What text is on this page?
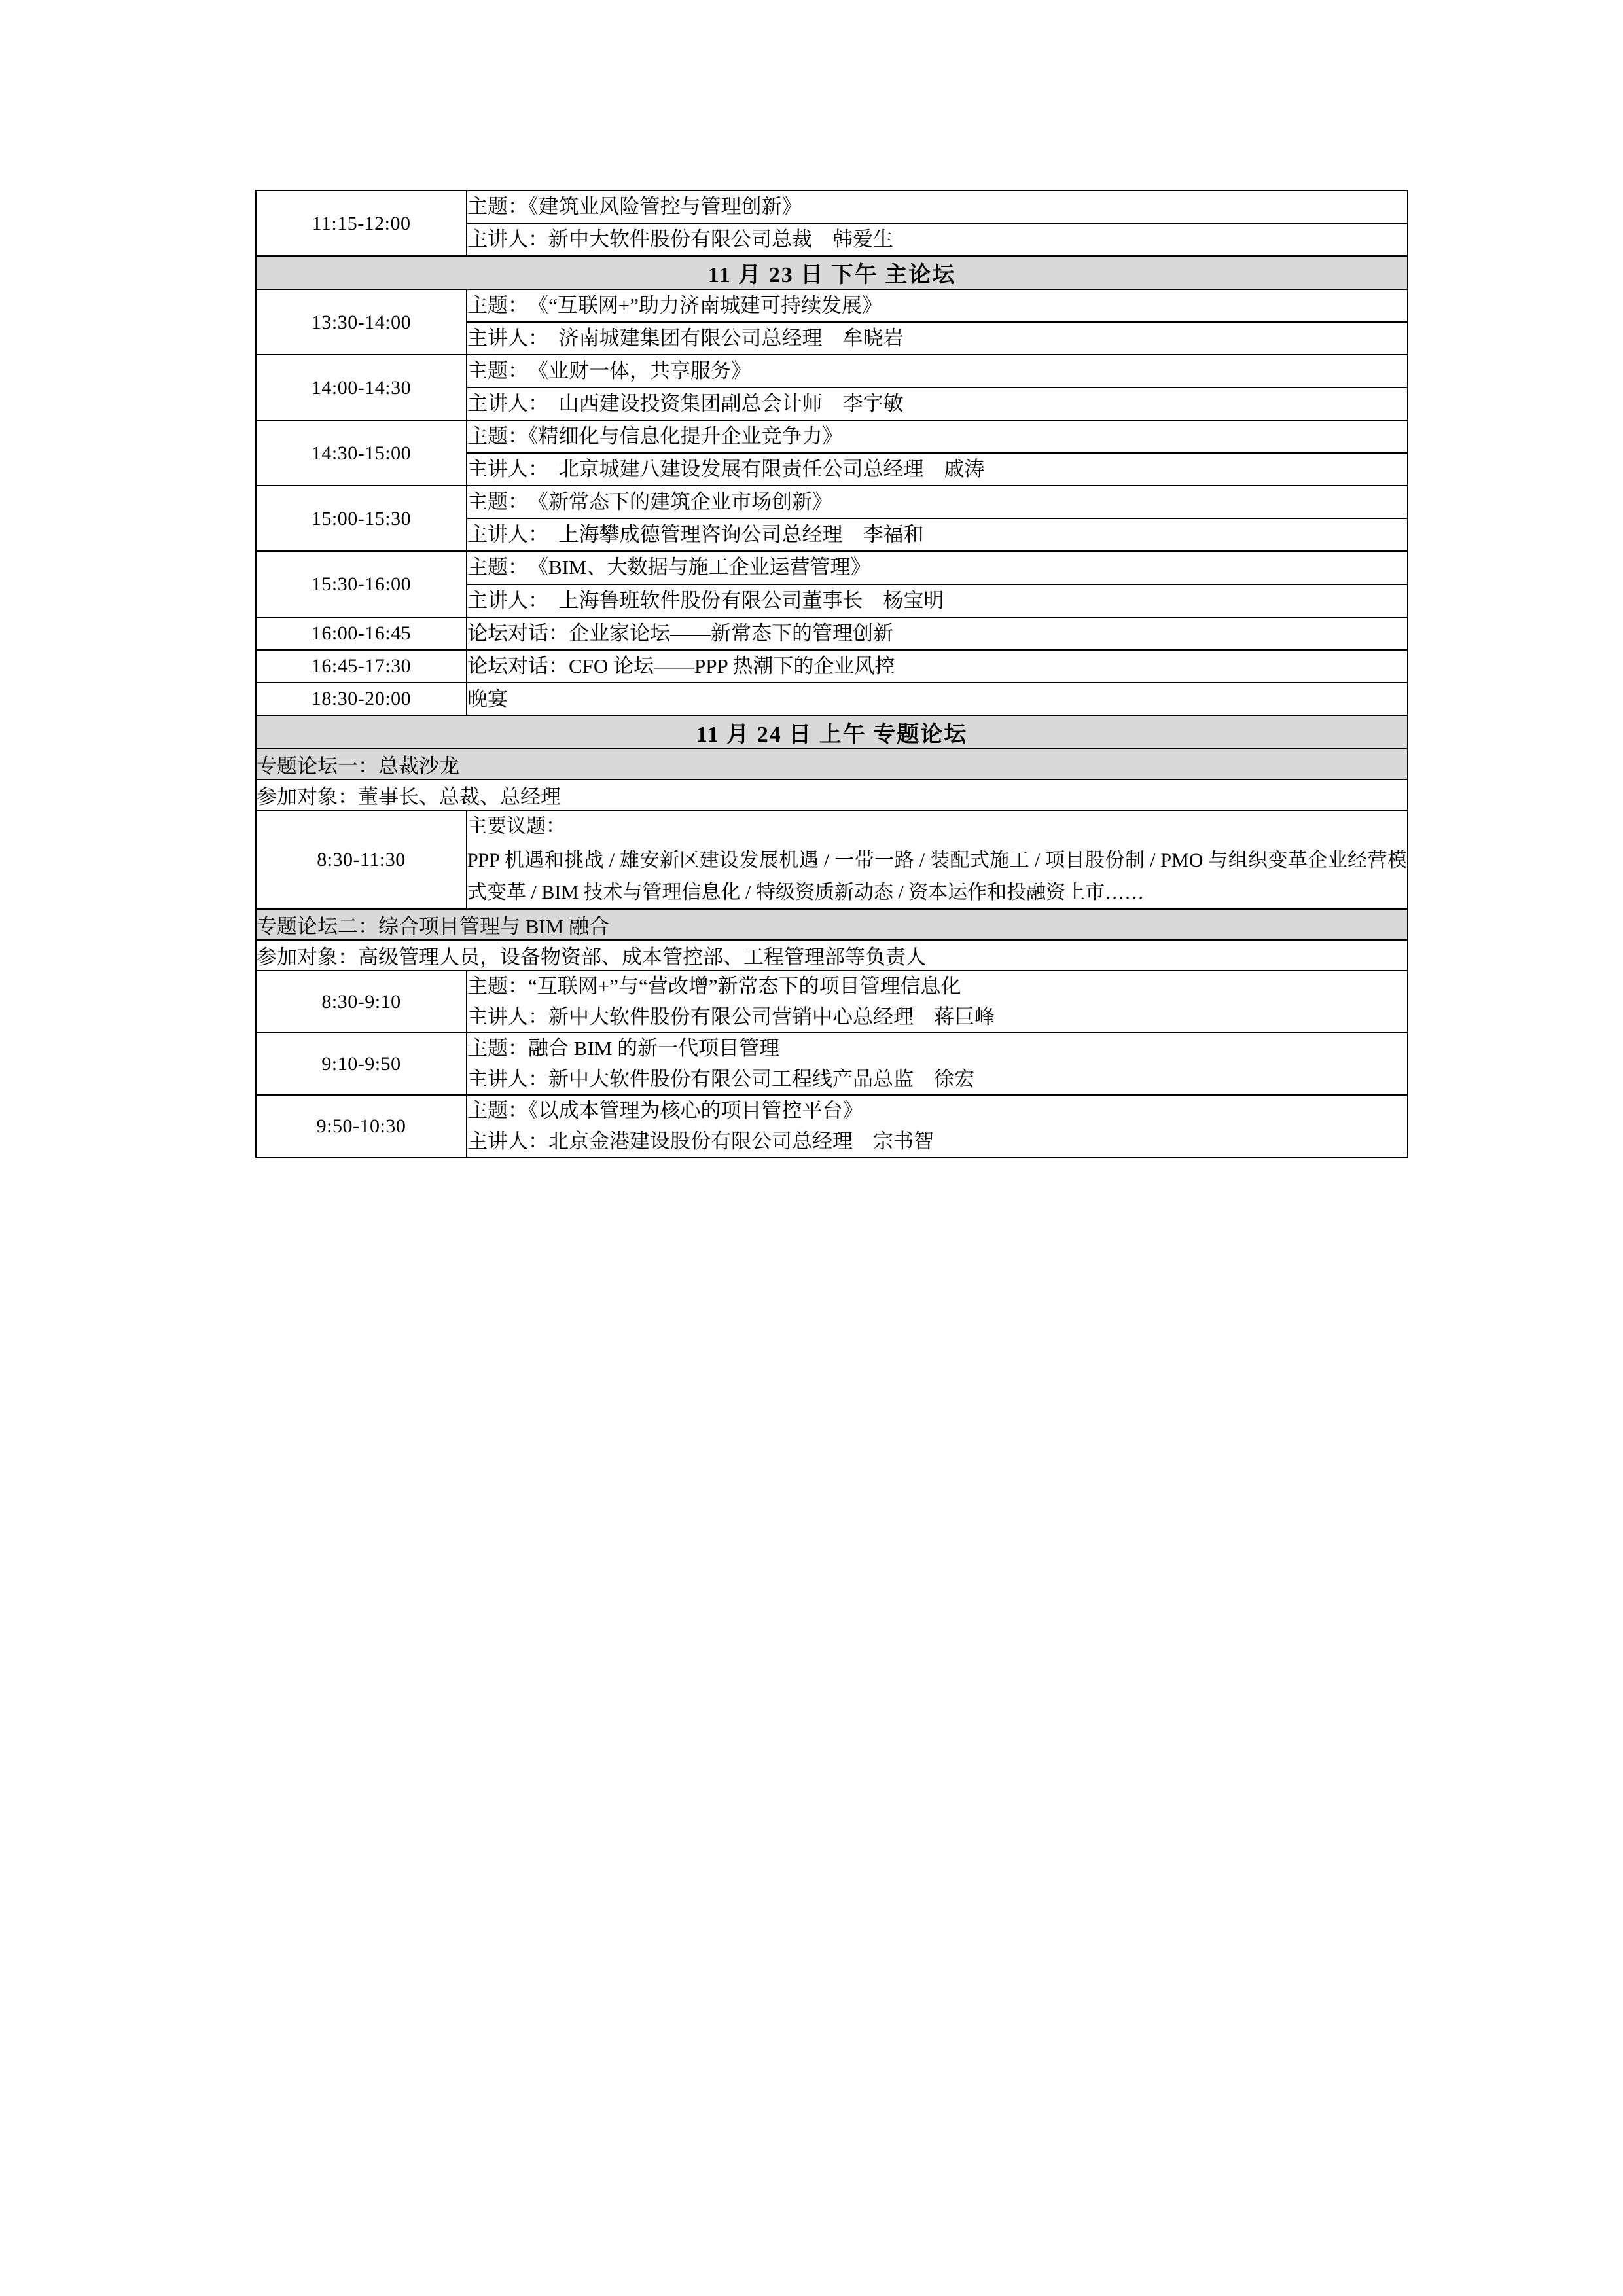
11:15-12:00	主题：《建筑业风险管控与管理创新》
	主讲人：新中大软件股份有限公司总裁　韩爱生
11 月 23 日 下午 主论坛	
13:30-14:00	主题：　《“互联网+”助力济南城建可持续发展》
	主讲人：　济南城建集团有限公司总经理　牟晓岩
14:00-14:30	主题：　《业财一体，共享服务》
	主讲人：　山西建设投资集团副总会计师　李宇敏
14:30-15:00	主题：《精细化与信息化提升企业竞争力》
	主讲人：　北京城建八建设发展有限责任公司总经理　戚涛
15:00-15:30	主题：　《新常态下的建筑企业市场创新》
	主讲人：　上海攀成德管理咨询公司总经理　李福和
15:30-16:00	主题：　《BIM、大数据与施工企业运营管理》
	主讲人：　上海鲁班软件股份有限公司董事长　杨宝明
16:00-16:45	论坛对话：企业家论坛——新常态下的管理创新
16:45-17:30	论坛对话：CFO 论坛——PPP 热潮下的企业风控
18:30-20:00	晚宴
11 月 24 日 上午 专题论坛	
专题论坛一：总裁沙龙	
参加对象：董事长、总裁、总经理	
8:30-11:30	主要议题：
PPP 机遇和挑战 / 雄安新区建设发展机遇 / 一带一路 / 装配式施工 / 项目股份制 / PMO 与组织变革企业经营模式变革 / BIM 技术与管理信息化 / 特级资质新动态 / 资本运作和投融资上市……

专题论坛二：综合项目管理与 BIM 融合	
参加对象：高级管理人员，设备物资部、成本管控部、工程管理部等负责人	
8:30-9:10	主题：“互联网+”与“营改增”新常态下的项目管理信息化
主讲人：新中大软件股份有限公司营销中心总经理　蒋巨峰

9:10-9:50	主题：融合 BIM 的新一代项目管理
主讲人：新中大软件股份有限公司工程线产品总监　徐宏

9:50-10:30	主题：《以成本管理为核心的项目管控平台》
主讲人：北京金港建设股份有限公司总经理　宗书智
